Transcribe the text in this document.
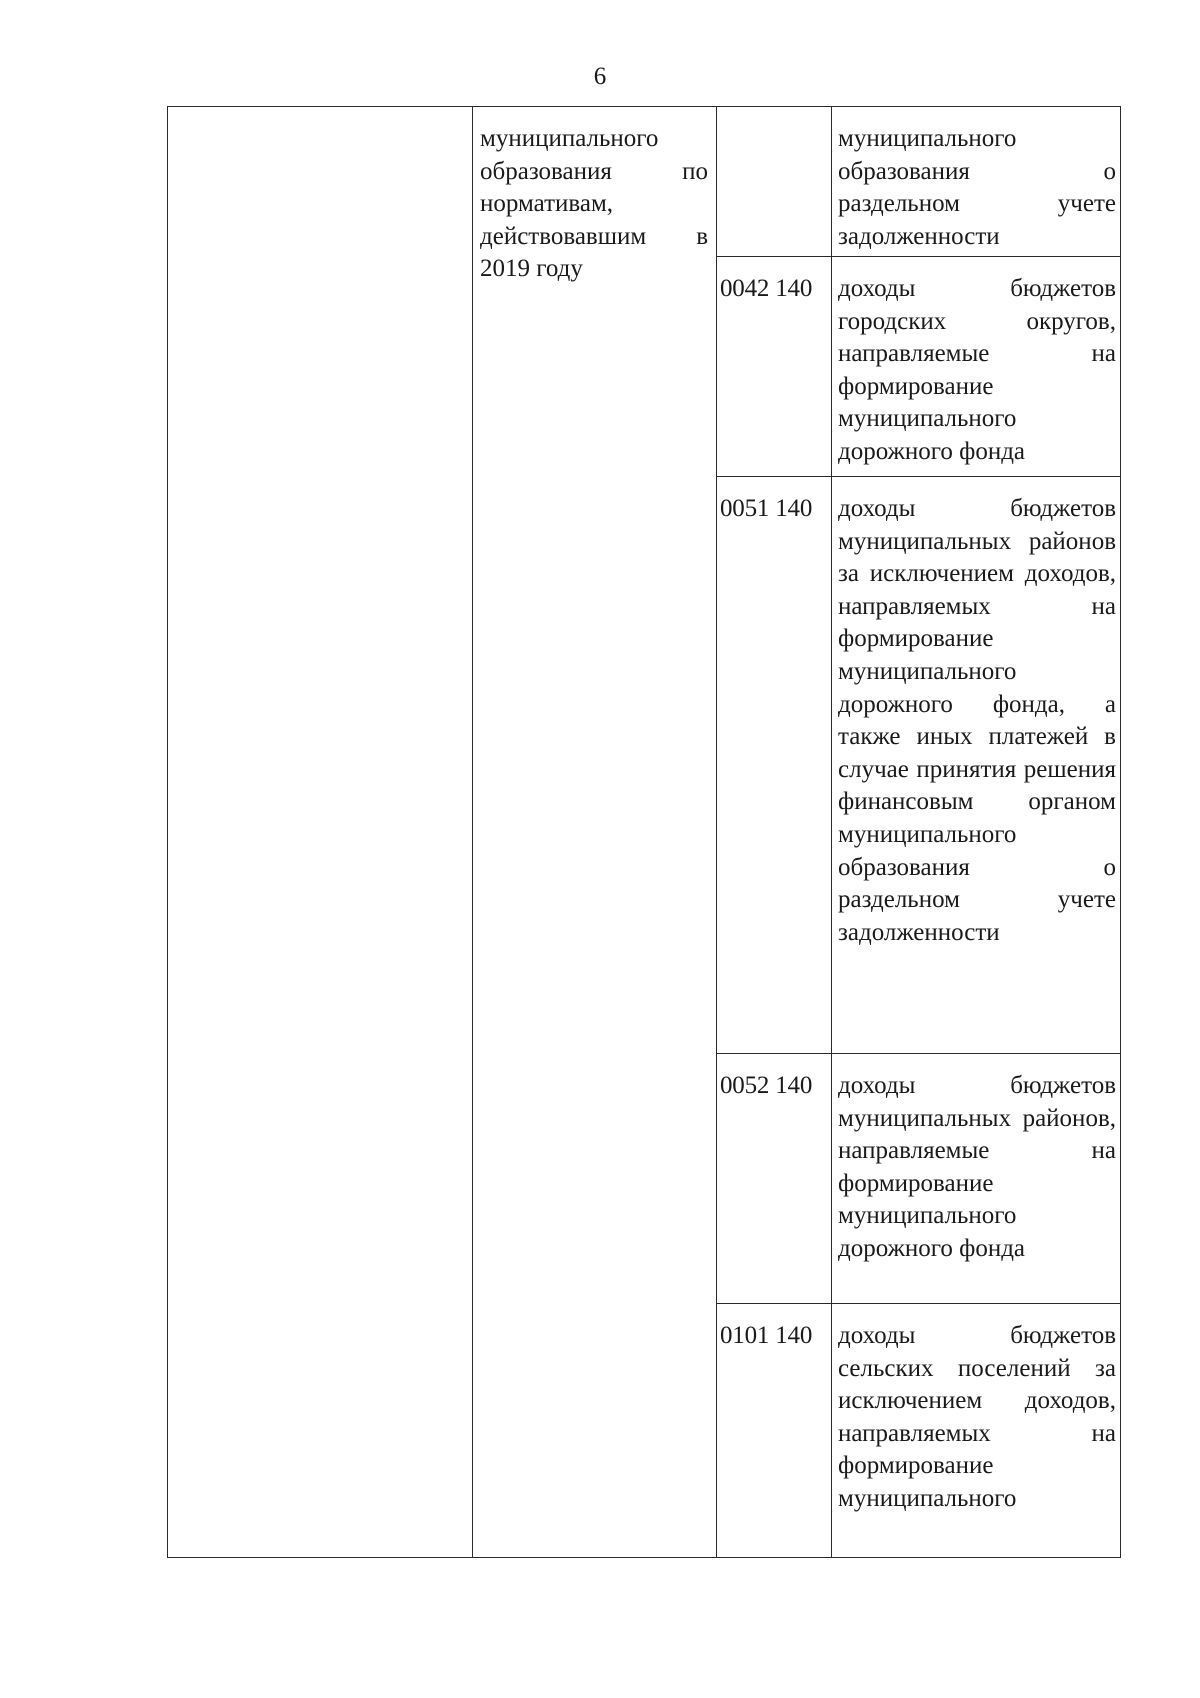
6

	муниципального образования по нормативам, действовавшим в 2019 году		муниципального образования о раздельном учете задолженности

		0042 140	доходы бюджетов городских округов, направляемые на формирование муниципального дорожного фонда

		0051 140	доходы бюджетов муниципальных районов за исключением доходов, направляемых на формирование муниципального дорожного фонда, а также иных платежей в случае принятия решения финансовым органом муниципального образования о раздельном учете задолженности

		0052 140	доходы бюджетов муниципальных районов, направляемые на формирование муниципального дорожного фонда

		0101 140	доходы бюджетов сельских поселений за исключением доходов, направляемых на формирование муниципального
